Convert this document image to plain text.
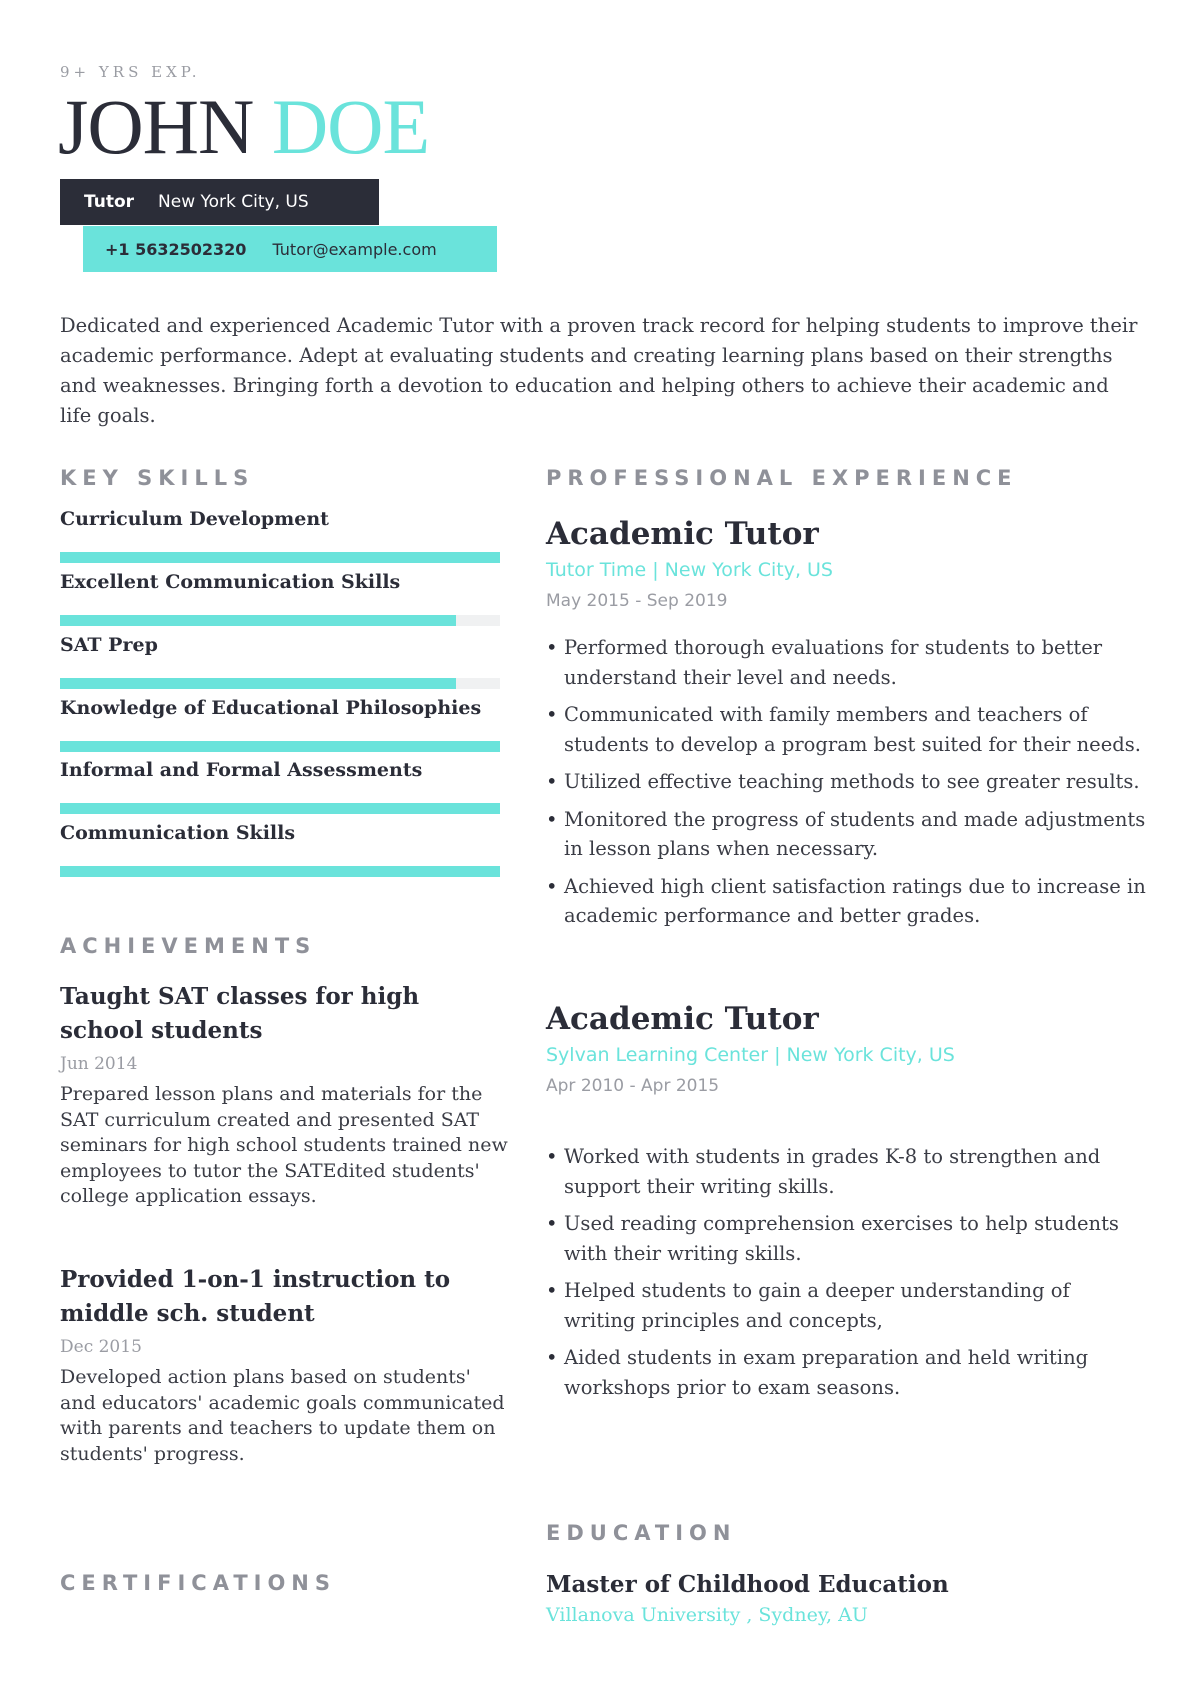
9+ YRS EXP.
JOHN DOE
Tutor New York City, US
+1 5632502320 Tutor@example.com

Dedicated and experienced Academic Tutor with a proven track record for helping students to improve their academic performance. Adept at evaluating students and creating learning plans based on their strengths and weaknesses. Bringing forth a devotion to education and helping others to achieve their academic and life goals.

KEY SKILLS
Curriculum Development
Excellent Communication Skills
SAT Prep
Knowledge of Educational Philosophies
Informal and Formal Assessments
Communication Skills
ACHIEVEMENTS
Taught SAT classes for high school students
Jun 2014
Prepared lesson plans and materials for the SAT curriculum created and presented SAT seminars for high school students trained new employees to tutor the SATEdited students' college application essays.
Provided 1-on-1 instruction to middle sch. student
Dec 2015
Developed action plans based on students' and educators' academic goals communicated with parents and teachers to update them on students' progress.
CERTIFICATIONS
PROFESSIONAL EXPERIENCE
Academic Tutor
Tutor Time | New York City, US
May 2015 - Sep 2019
• Performed thorough evaluations for students to better understand their level and needs.
• Communicated with family members and teachers of students to develop a program best suited for their needs.
• Utilized effective teaching methods to see greater results.
• Monitored the progress of students and made adjustments in lesson plans when necessary.
• Achieved high client satisfaction ratings due to increase in academic performance and better grades.
Academic Tutor
Sylvan Learning Center | New York City, US
Apr 2010 - Apr 2015
• Worked with students in grades K-8 to strengthen and support their writing skills.
• Used reading comprehension exercises to help students with their writing skills.
• Helped students to gain a deeper understanding of writing principles and concepts,
• Aided students in exam preparation and held writing workshops prior to exam seasons.
EDUCATION
Master of Childhood Education
Villanova University , Sydney, AU
